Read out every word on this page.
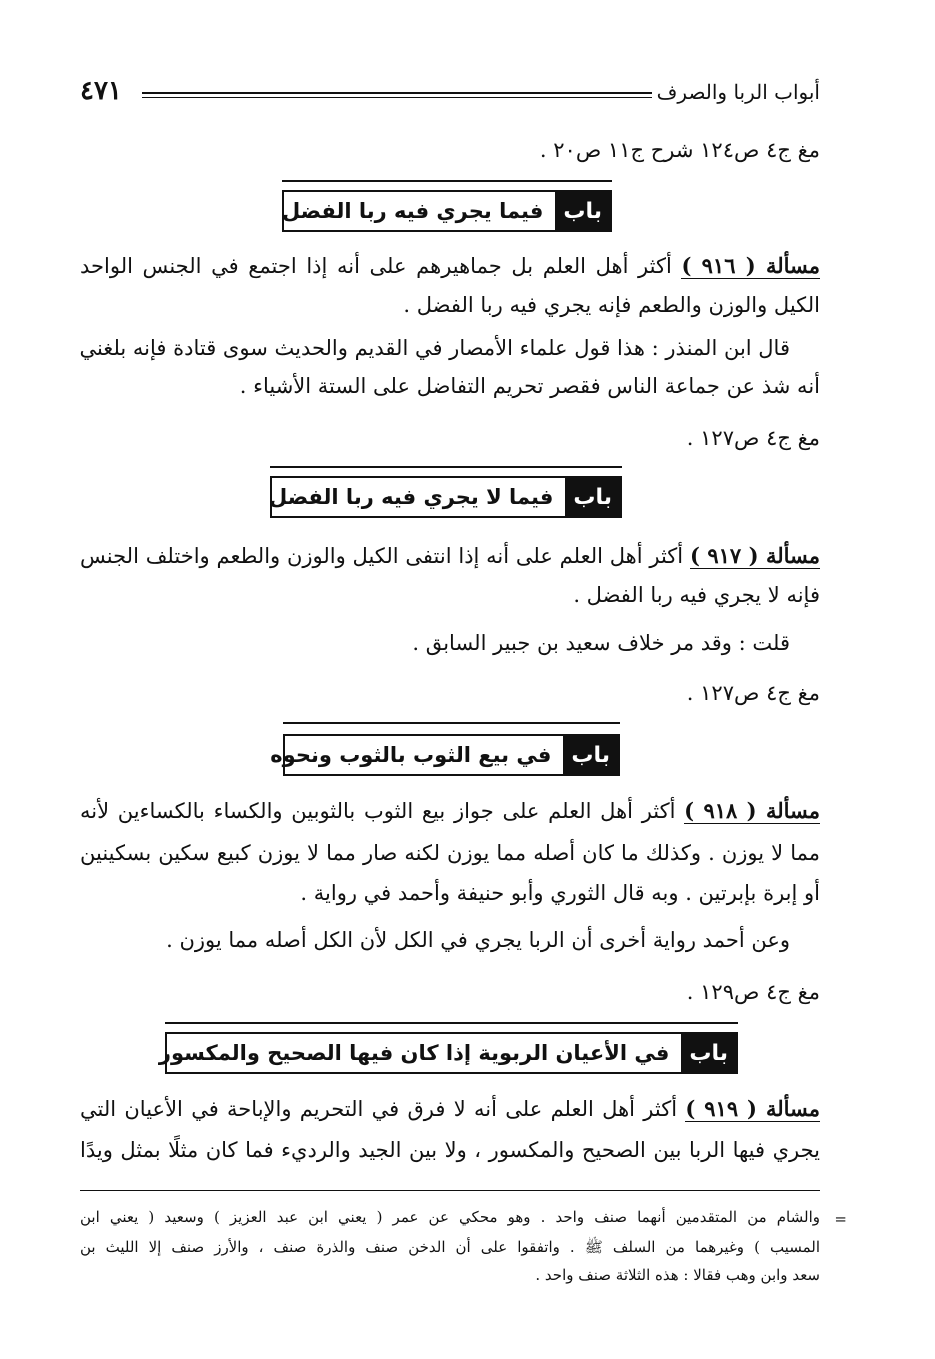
أبواب الربا والصرف
٤٧١
مغ ج٤ ص١٢٤ شرح ج١١ ص٢٠ .
باب
فيما يجري فيه ربا الفضل
مسألة ( ٩١٦ ) أكثر أهل العلم بل جماهيرهم على أنه إذا اجتمع في الجنس الواحد
الكيل والوزن والطعم فإنه يجري فيه ربا الفضل .
قال ابن المنذر : هذا قول علماء الأمصار في القديم والحديث سوى قتادة فإنه بلغني
أنه شذ عن جماعة الناس فقصر تحريم التفاضل على الستة الأشياء .
مغ ج٤ ص١٢٧ .
باب
فيما لا يجري فيه ربا الفضل
مسألة ( ٩١٧ ) أكثر أهل العلم على أنه إذا انتفى الكيل والوزن والطعم واختلف الجنس
فإنه لا يجري فيه ربا الفضل .
قلت : وقد مر خلاف سعيد بن جبير السابق .
مغ ج٤ ص١٢٧ .
باب
في بيع الثوب بالثوب ونحوه
مسألة ( ٩١٨ ) أكثر أهل العلم على جواز بيع الثوب بالثوبين والكساء بالكساءين لأنه
مما لا يوزن . وكذلك ما كان أصله مما يوزن لكنه صار مما لا يوزن كبيع سكين بسكينين
أو إبرة بإبرتين . وبه قال الثوري وأبو حنيفة وأحمد في رواية .
وعن أحمد رواية أخرى أن الربا يجري في الكل لأن الكل أصله مما يوزن .
مغ ج٤ ص١٢٩ .
باب
في الأعيان الربوية إذا كان فيها الصحيح والمكسور
مسألة ( ٩١٩ ) أكثر أهل العلم على أنه لا فرق في التحريم والإباحة في الأعيان التي
يجري فيها الربا بين الصحيح والمكسور ، ولا بين الجيد والرديء فما كان مثلًا بمثل ويدًا
=
والشام من المتقدمين أنهما صنف واحد . وهو محكي عن عمر ( يعني ابن عبد العزيز ) وسعيد ( يعني ابن
المسيب ) وغيرهما من السلف ﷺ . واتفقوا على أن الدخن صنف والذرة صنف ، والأرز صنف إلا الليث بن
سعد وابن وهب فقالا : هذه الثلاثة صنف واحد .
